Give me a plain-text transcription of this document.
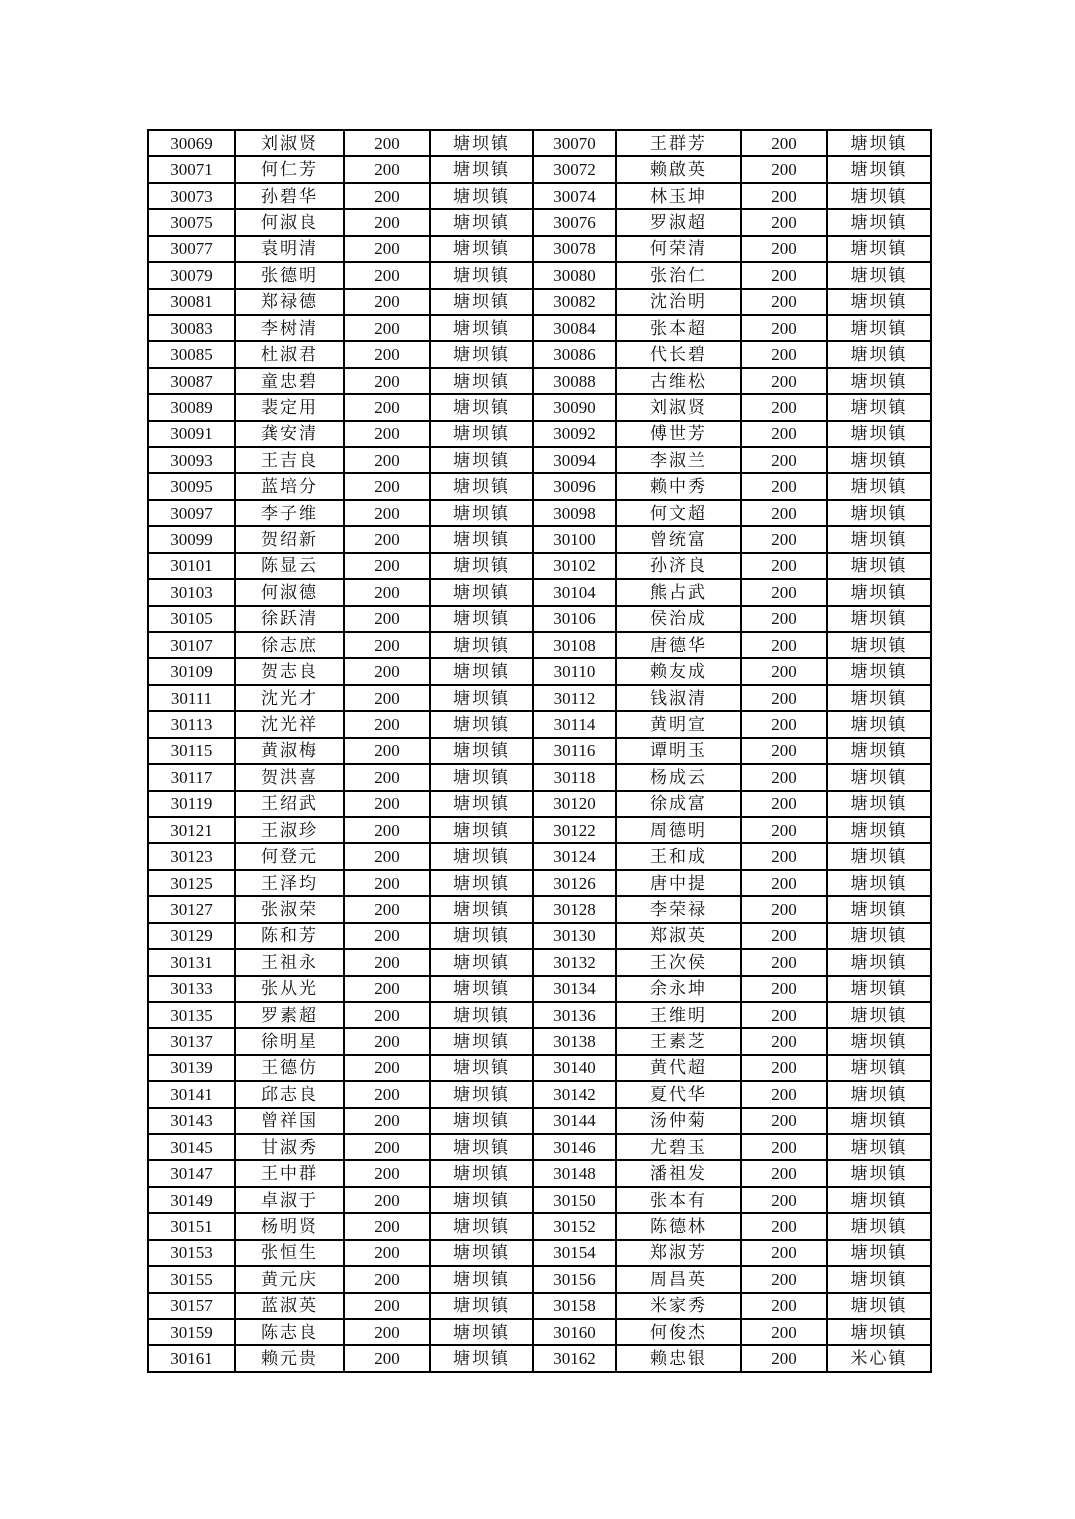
30069	刘淑贤	200	塘坝镇	30070	王群芳	200	塘坝镇
30071	何仁芳	200	塘坝镇	30072	赖啟英	200	塘坝镇
30073	孙碧华	200	塘坝镇	30074	林玉坤	200	塘坝镇
30075	何淑良	200	塘坝镇	30076	罗淑超	200	塘坝镇
30077	袁明清	200	塘坝镇	30078	何荣清	200	塘坝镇
30079	张德明	200	塘坝镇	30080	张治仁	200	塘坝镇
30081	郑禄德	200	塘坝镇	30082	沈治明	200	塘坝镇
30083	李树清	200	塘坝镇	30084	张本超	200	塘坝镇
30085	杜淑君	200	塘坝镇	30086	代长碧	200	塘坝镇
30087	童忠碧	200	塘坝镇	30088	古维松	200	塘坝镇
30089	裴定用	200	塘坝镇	30090	刘淑贤	200	塘坝镇
30091	龚安清	200	塘坝镇	30092	傅世芳	200	塘坝镇
30093	王吉良	200	塘坝镇	30094	李淑兰	200	塘坝镇
30095	蓝培分	200	塘坝镇	30096	赖中秀	200	塘坝镇
30097	李子维	200	塘坝镇	30098	何文超	200	塘坝镇
30099	贺绍新	200	塘坝镇	30100	曾统富	200	塘坝镇
30101	陈显云	200	塘坝镇	30102	孙济良	200	塘坝镇
30103	何淑德	200	塘坝镇	30104	熊占武	200	塘坝镇
30105	徐跃清	200	塘坝镇	30106	侯治成	200	塘坝镇
30107	徐志庶	200	塘坝镇	30108	唐德华	200	塘坝镇
30109	贺志良	200	塘坝镇	30110	赖友成	200	塘坝镇
30111	沈光才	200	塘坝镇	30112	钱淑清	200	塘坝镇
30113	沈光祥	200	塘坝镇	30114	黄明宣	200	塘坝镇
30115	黄淑梅	200	塘坝镇	30116	谭明玉	200	塘坝镇
30117	贺洪喜	200	塘坝镇	30118	杨成云	200	塘坝镇
30119	王绍武	200	塘坝镇	30120	徐成富	200	塘坝镇
30121	王淑珍	200	塘坝镇	30122	周德明	200	塘坝镇
30123	何登元	200	塘坝镇	30124	王和成	200	塘坝镇
30125	王泽均	200	塘坝镇	30126	唐中提	200	塘坝镇
30127	张淑荣	200	塘坝镇	30128	李荣禄	200	塘坝镇
30129	陈和芳	200	塘坝镇	30130	郑淑英	200	塘坝镇
30131	王祖永	200	塘坝镇	30132	王次侯	200	塘坝镇
30133	张从光	200	塘坝镇	30134	余永坤	200	塘坝镇
30135	罗素超	200	塘坝镇	30136	王维明	200	塘坝镇
30137	徐明星	200	塘坝镇	30138	王素芝	200	塘坝镇
30139	王德仿	200	塘坝镇	30140	黄代超	200	塘坝镇
30141	邱志良	200	塘坝镇	30142	夏代华	200	塘坝镇
30143	曾祥国	200	塘坝镇	30144	汤仲菊	200	塘坝镇
30145	甘淑秀	200	塘坝镇	30146	尤碧玉	200	塘坝镇
30147	王中群	200	塘坝镇	30148	潘祖发	200	塘坝镇
30149	卓淑于	200	塘坝镇	30150	张本有	200	塘坝镇
30151	杨明贤	200	塘坝镇	30152	陈德林	200	塘坝镇
30153	张恒生	200	塘坝镇	30154	郑淑芳	200	塘坝镇
30155	黄元庆	200	塘坝镇	30156	周昌英	200	塘坝镇
30157	蓝淑英	200	塘坝镇	30158	米家秀	200	塘坝镇
30159	陈志良	200	塘坝镇	30160	何俊杰	200	塘坝镇
30161	赖元贵	200	塘坝镇	30162	赖忠银	200	米心镇
